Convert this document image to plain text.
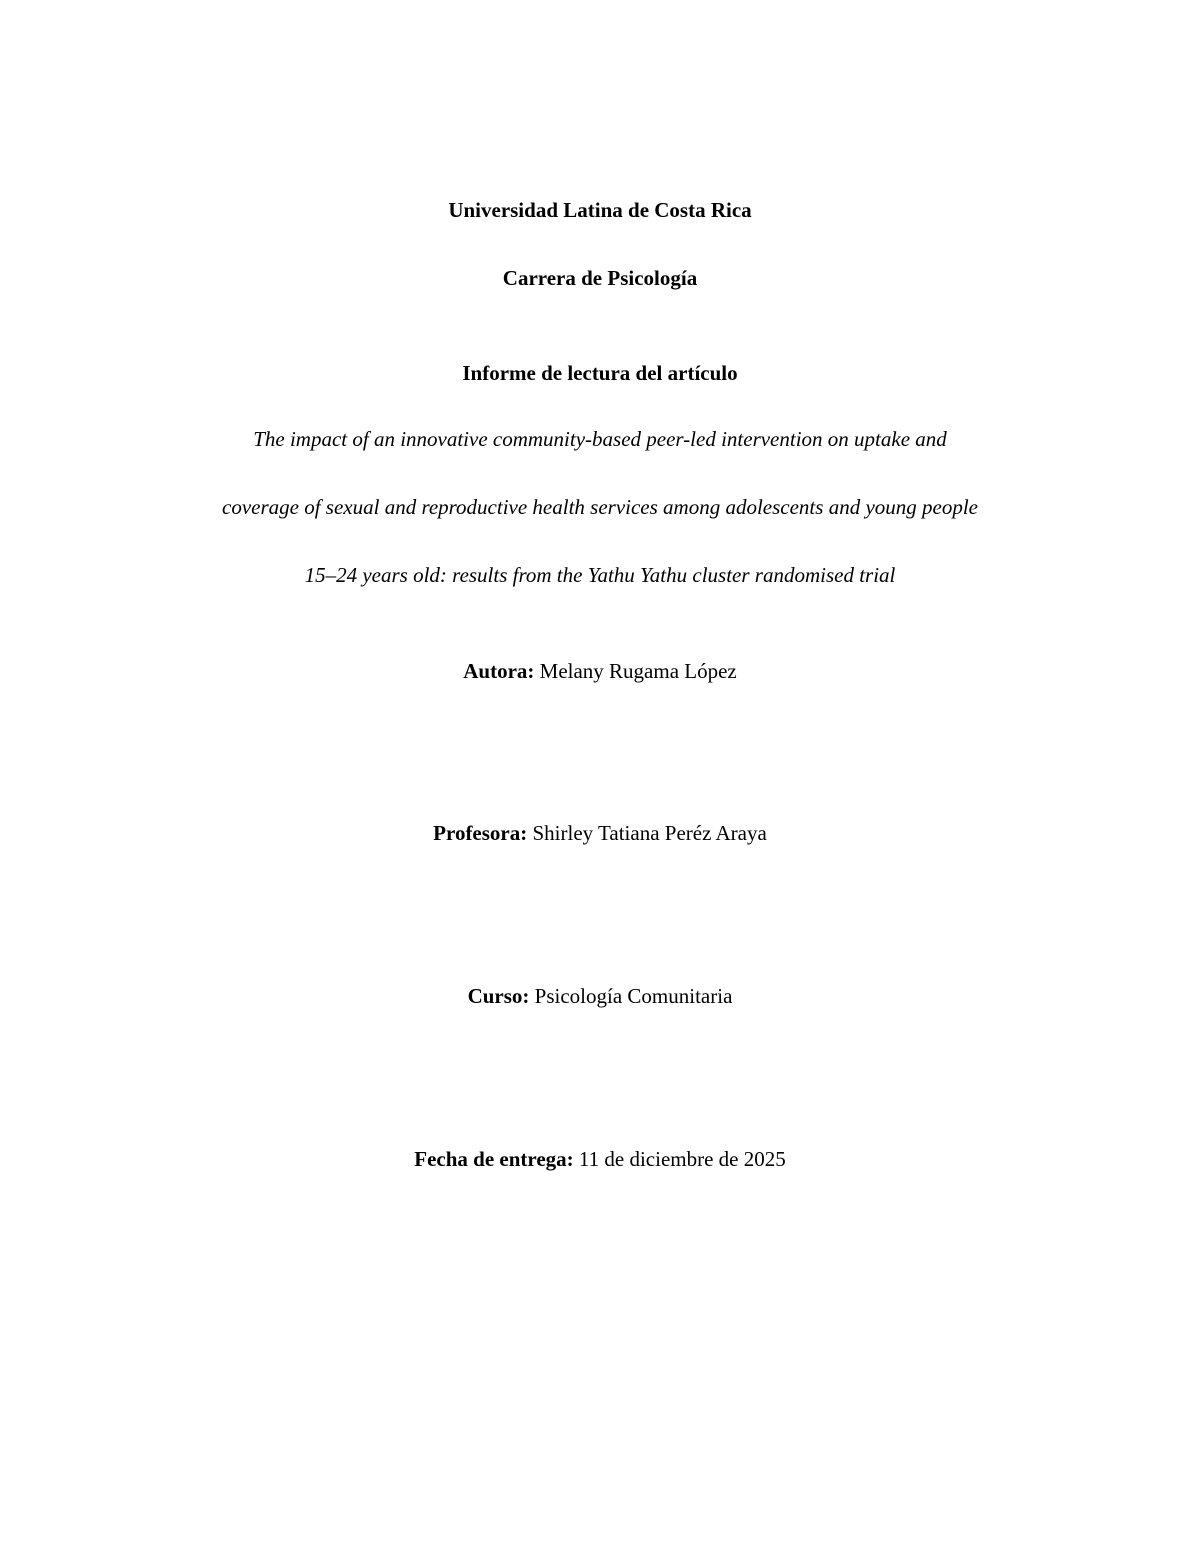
Universidad Latina de Costa Rica
Carrera de Psicología
Informe de lectura del artículo
The impact of an innovative community-based peer-led intervention on uptake and
coverage of sexual and reproductive health services among adolescents and young people
15–24 years old: results from the Yathu Yathu cluster randomised trial
Autora: Melany Rugama López
Profesora: Shirley Tatiana Peréz Araya
Curso: Psicología Comunitaria
Fecha de entrega: 11 de diciembre de 2025
